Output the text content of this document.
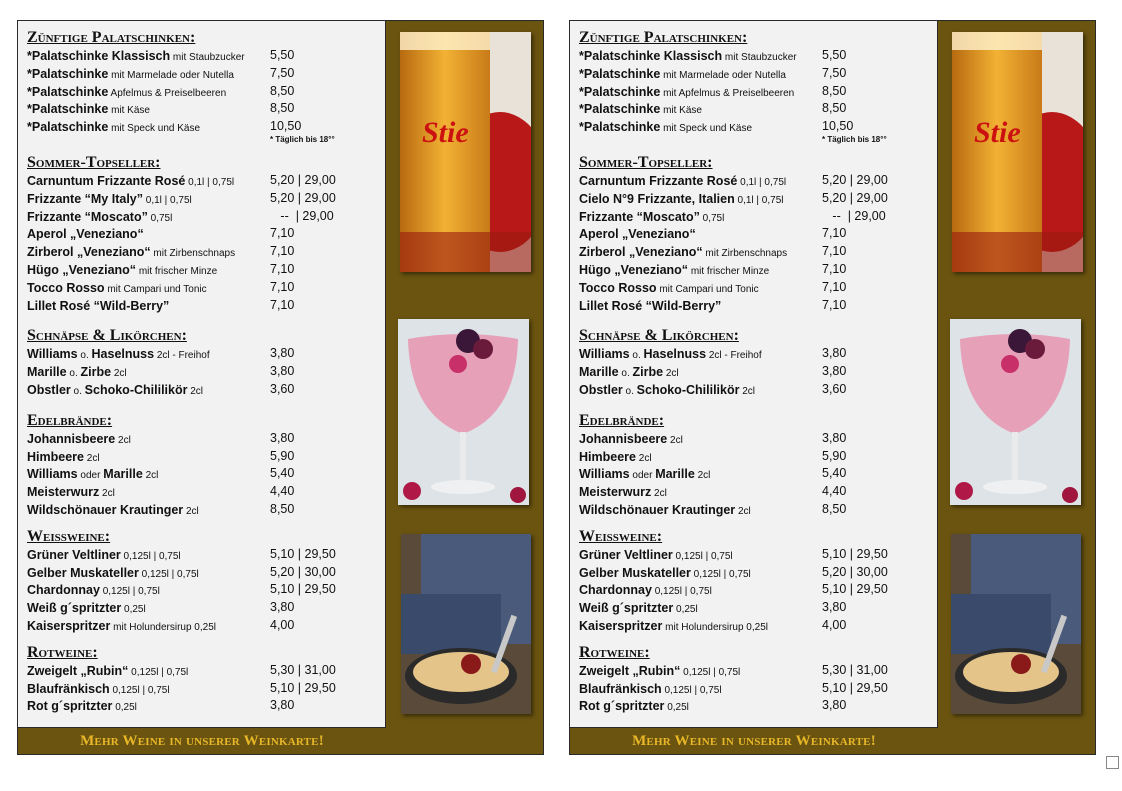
Zünftige Palatschinken:
*Palatschinke Klassisch mit Staubzucker 5,50
*Palatschinke mit Marmelade oder Nutella	7,50
*Palatschinke Apfelmus & Preiselbeeren	8,50
*Palatschinke mit Käse	8,50
*Palatschinke mit Speck und Käse	10,50
* Täglich bis 18°°
Sommer-Topseller:
Carnuntum Frizzante Rosé 0,1l | 0,75l	5,20 | 29,00
Frizzante “My Italy” 0,1l | 0,75l	5,20 | 29,00
Frizzante “Moscato” 0,75l	--  | 29,00
Aperol „Veneziano“	7,10
Zirberol „Veneziano“ mit Zirbenschnaps	7,10
Hügo „Veneziano“ mit frischer Minze	7,10
Tocco Rosso mit Campari und Tonic	7,10
Lillet Rosé “Wild-Berry”	7,10
Schnäpse & Likörchen:
Williams o. Haselnuss 2cl - Freihof	3,80
Marille o. Zirbe 2cl	3,80
Obstler o. Schoko-Chililikör 2cl	3,60
Edelbrände:
Johannisbeere 2cl	3,80
Himbeere 2cl	5,90
Williams oder Marille 2cl	5,40
Meisterwurz 2cl	4,40
Wildschönauer Krautinger 2cl	8,50
Weissweine:
Grüner Veltliner 0,125l | 0,75l	5,10 | 29,50
Gelber Muskateller 0,125l | 0,75l	5,20 | 30,00
Chardonnay 0,125l | 0,75l	5,10 | 29,50
Weiß g´spritzter 0,25l	3,80
Kaiserspritzer mit Holundersirup 0,25l	4,00
Rotweine:
Zweigelt „Rubin“ 0,125l | 0,75l	5,30 | 31,00
Blaufränkisch 0,125l | 0,75l	5,10 | 29,50
Rot g´spritzter 0,25l	3,80
Mehr Weine in unserer Weinkarte!
Stie
Zünftige Palatschinken:
*Palatschinke Klassisch mit Staubzucker 5,50
*Palatschinke mit Marmelade oder Nutella	7,50
*Palatschinke mit Apfelmus & Preiselbeeren 8,50
*Palatschinke mit Käse	8,50
*Palatschinke mit Speck und Käse	10,50
* Täglich bis 18°°
Sommer-Topseller:
Carnuntum Frizzante Rosé 0,1l | 0,75l	5,20 | 29,00
Cielo N°9 Frizzante, Italien 0,1l | 0,75l	5,20 | 29,00
Frizzante “Moscato” 0,75l	--  | 29,00
Aperol „Veneziano“	7,10
Zirberol „Veneziano“ mit Zirbenschnaps	7,10
Hügo „Veneziano“ mit frischer Minze	7,10
Tocco Rosso mit Campari und Tonic	7,10
Lillet Rosé “Wild-Berry”	7,10
Schnäpse & Likörchen:
Williams o. Haselnuss 2cl - Freihof	3,80
Marille o. Zirbe 2cl	3,80
Obstler o. Schoko-Chililikör 2cl	3,60
Edelbrände:
Johannisbeere 2cl	3,80
Himbeere 2cl	5,90
Williams oder Marille 2cl	5,40
Meisterwurz 2cl	4,40
Wildschönauer Krautinger 2cl	8,50
Weissweine:
Grüner Veltliner 0,125l | 0,75l	5,10 | 29,50
Gelber Muskateller 0,125l | 0,75l	5,20 | 30,00
Chardonnay 0,125l | 0,75l	5,10 | 29,50
Weiß g´spritzter 0,25l	3,80
Kaiserspritzer mit Holundersirup 0,25l	4,00
Rotweine:
Zweigelt „Rubin“ 0,125l | 0,75l	5,30 | 31,00
Blaufränkisch 0,125l | 0,75l	5,10 | 29,50
Rot g´spritzter 0,25l	3,80
Mehr Weine in unserer Weinkarte!
Stie
